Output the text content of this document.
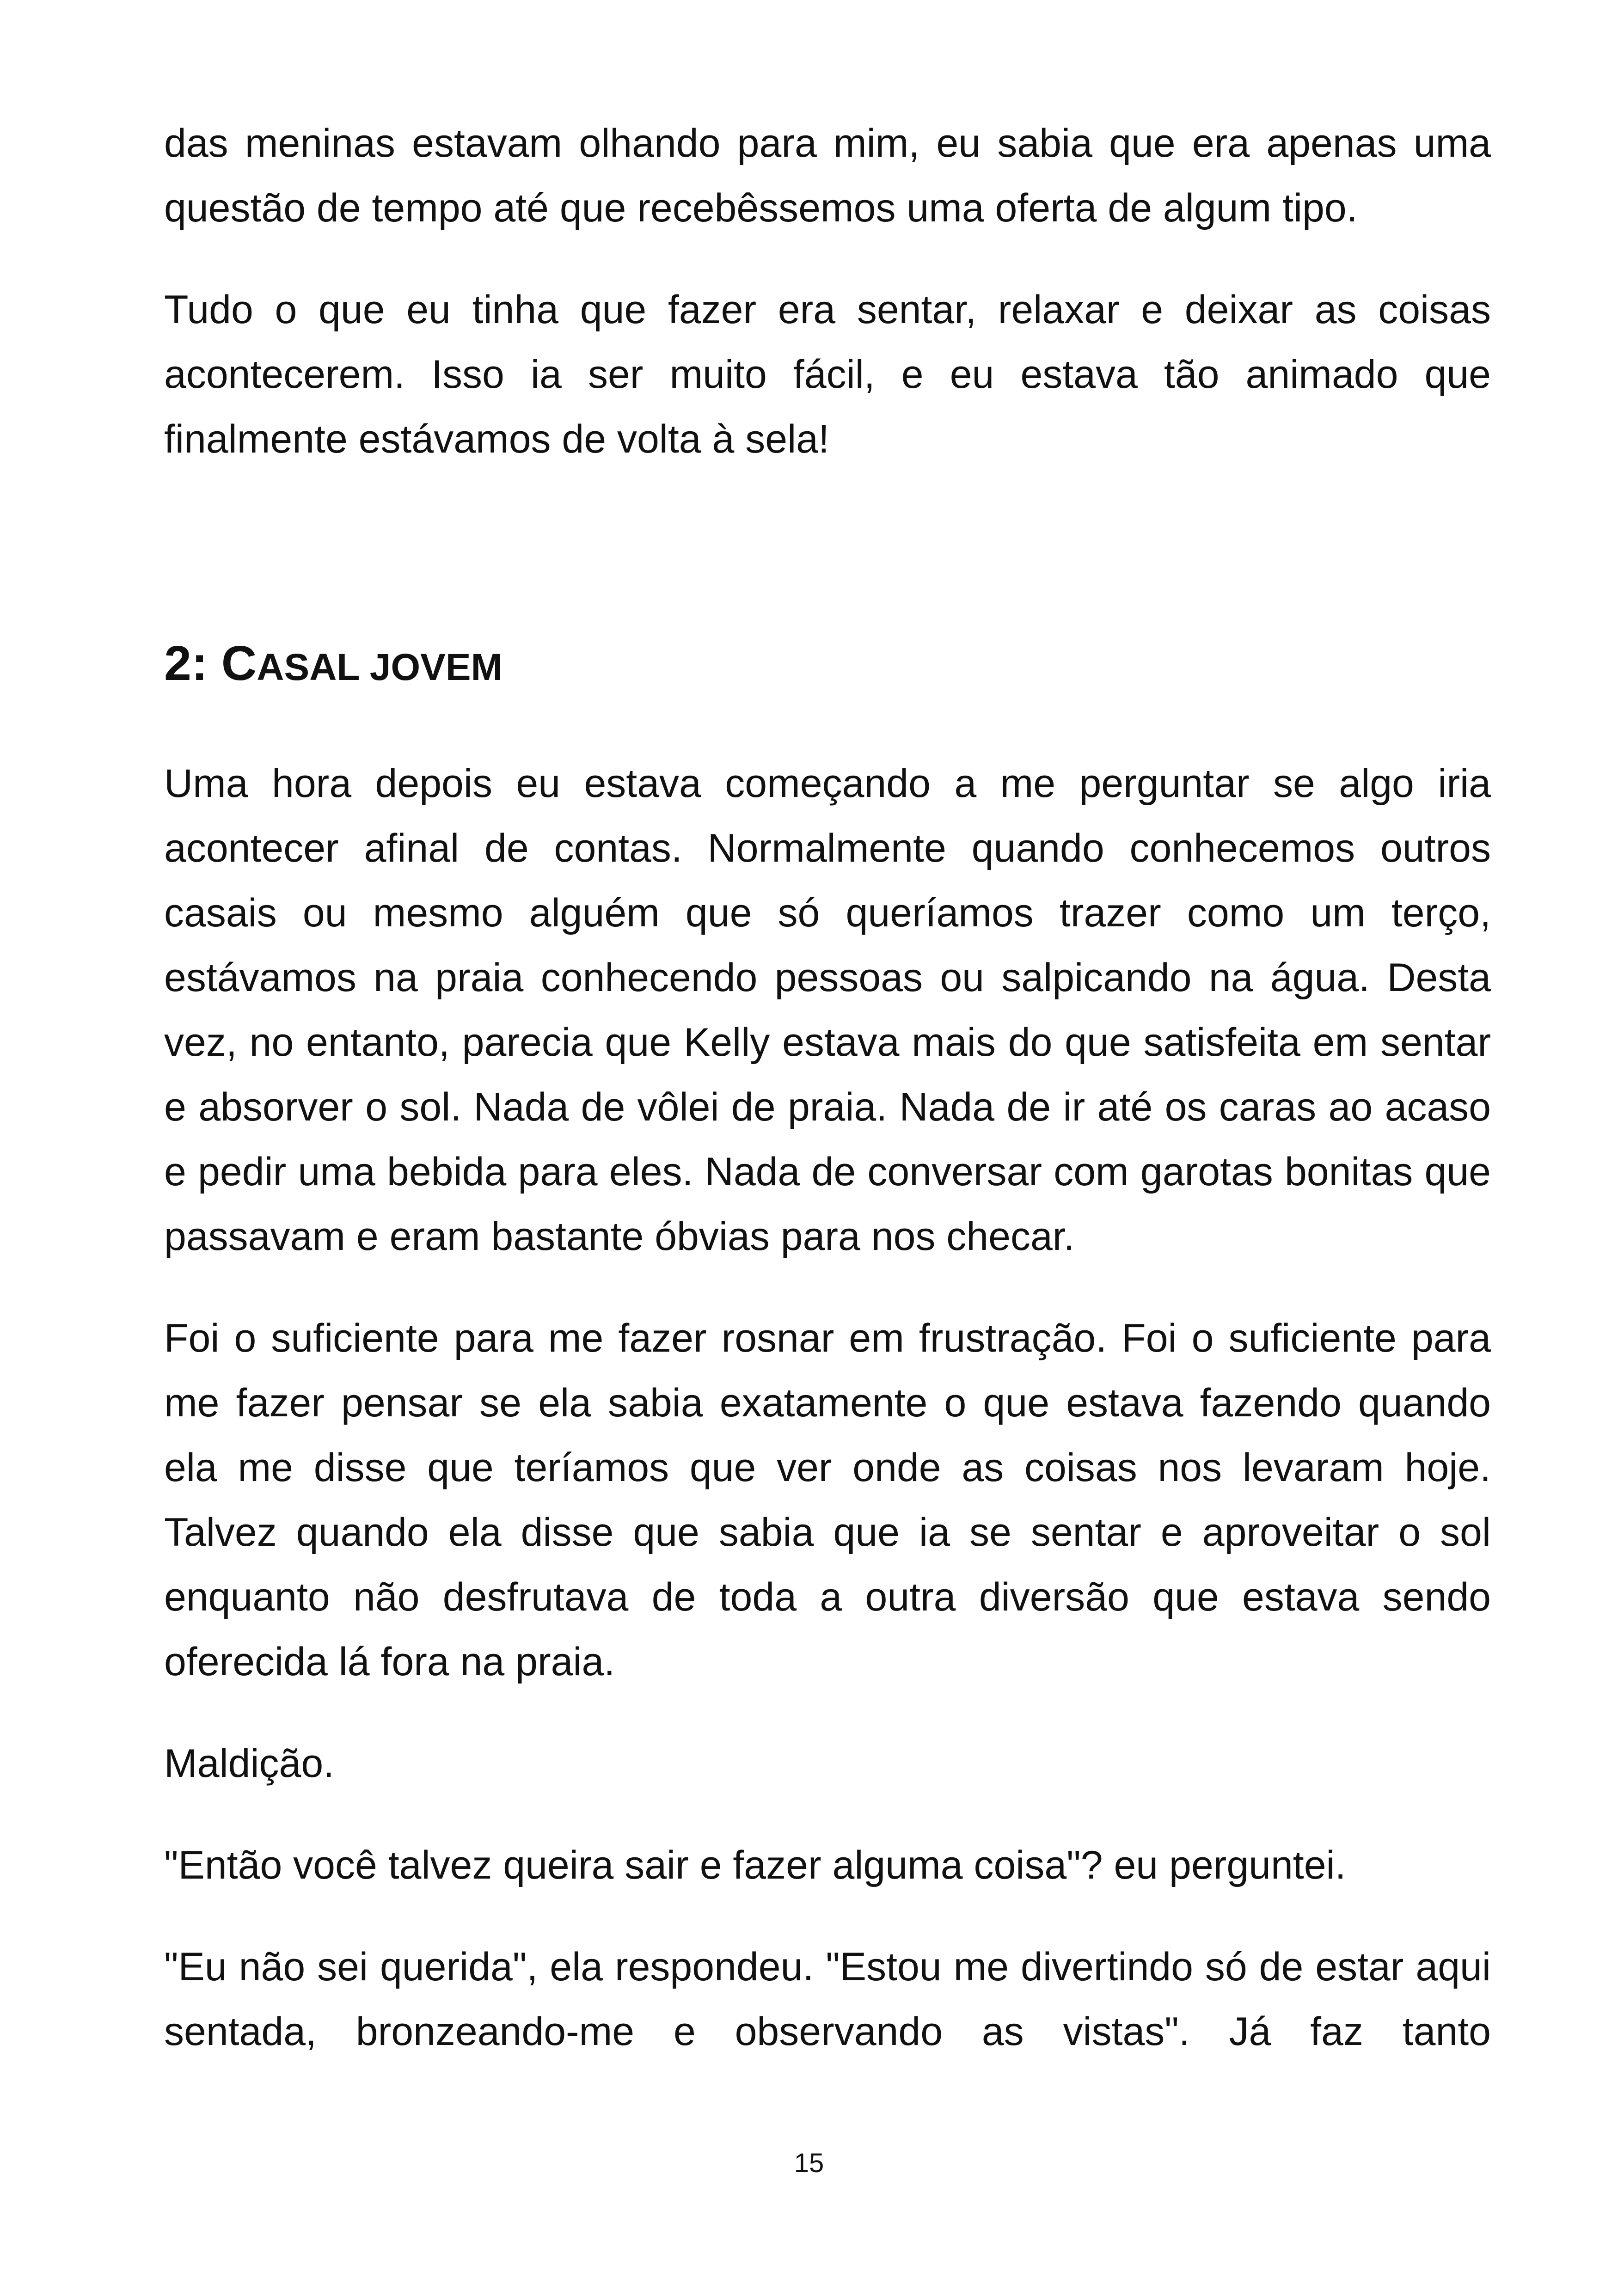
das meninas estavam olhando para mim, eu sabia que era apenas uma questão de tempo até que recebêssemos uma oferta de algum tipo.

Tudo o que eu tinha que fazer era sentar, relaxar e deixar as coisas acontecerem. Isso ia ser muito fácil, e eu estava tão animado que finalmente estávamos de volta à sela!

2: CASAL JOVEM

Uma hora depois eu estava começando a me perguntar se algo iria acontecer afinal de contas. Normalmente quando conhecemos outros casais ou mesmo alguém que só queríamos trazer como um terço, estávamos na praia conhecendo pessoas ou salpicando na água. Desta vez, no entanto, parecia que Kelly estava mais do que satisfeita em sentar e absorver o sol. Nada de vôlei de praia. Nada de ir até os caras ao acaso e pedir uma bebida para eles. Nada de conversar com garotas bonitas que passavam e eram bastante óbvias para nos checar.

Foi o suficiente para me fazer rosnar em frustração. Foi o suficiente para me fazer pensar se ela sabia exatamente o que estava fazendo quando ela me disse que teríamos que ver onde as coisas nos levaram hoje. Talvez quando ela disse que sabia que ia se sentar e aproveitar o sol enquanto não desfrutava de toda a outra diversão que estava sendo oferecida lá fora na praia.

Maldição.

"Então você talvez queira sair e fazer alguma coisa"? eu perguntei.

"Eu não sei querida", ela respondeu. "Estou me divertindo só de estar aqui sentada, bronzeando-me e observando as vistas". Já faz tanto

15
